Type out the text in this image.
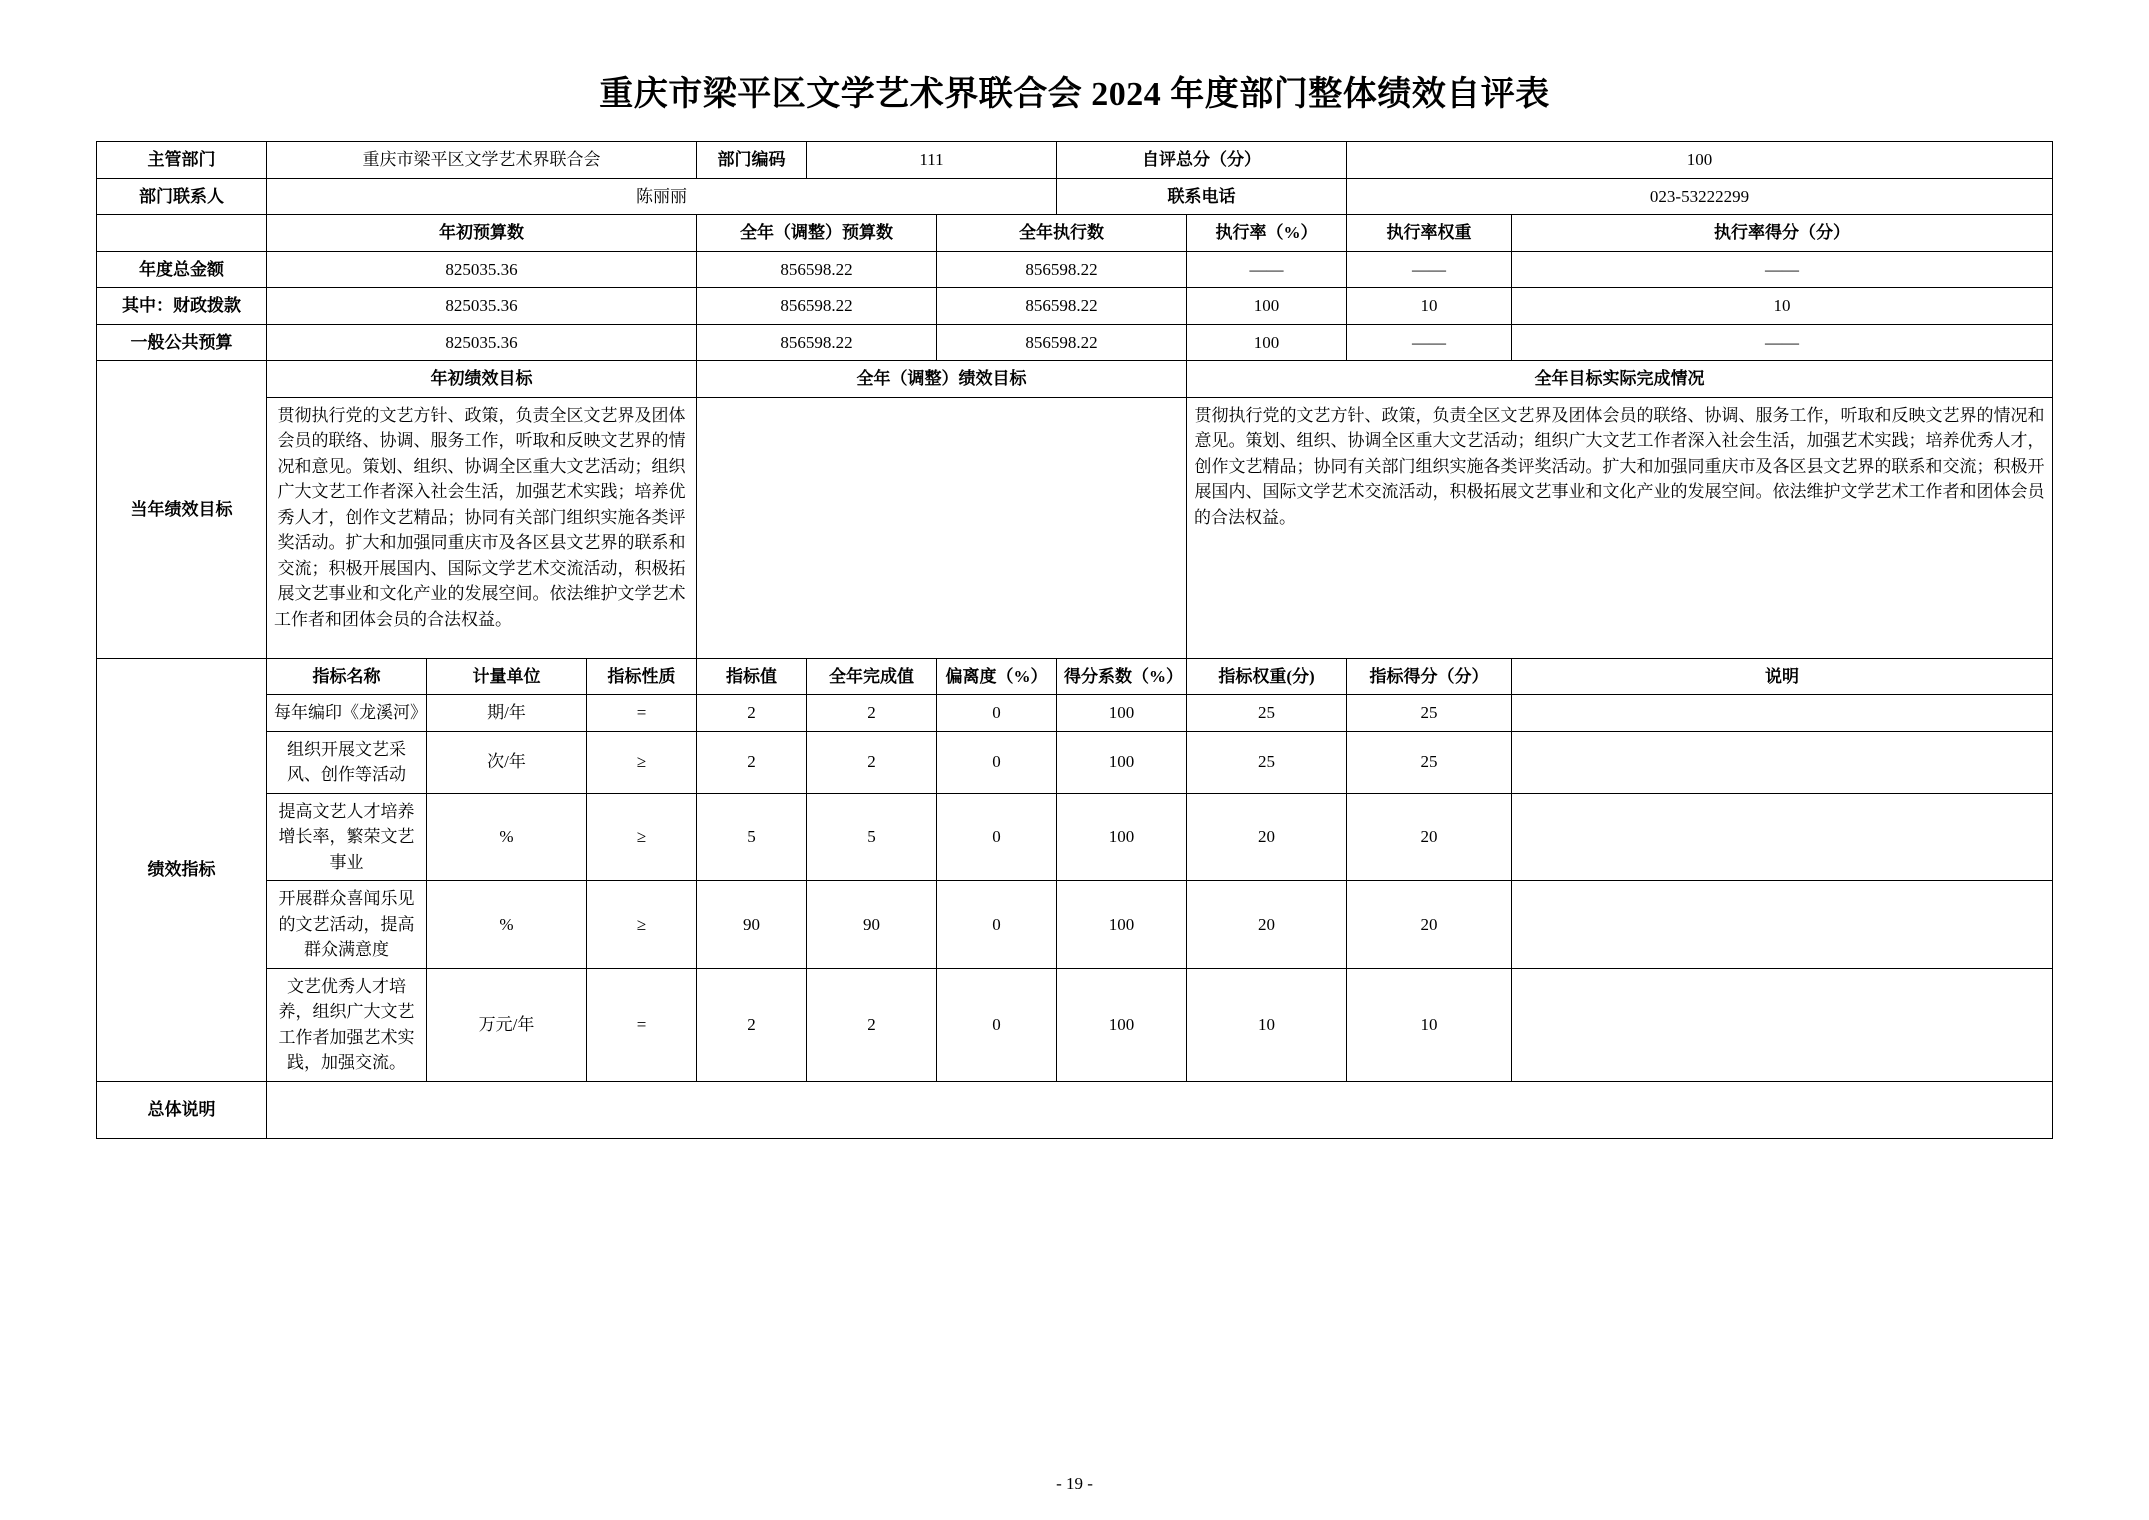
重庆市梁平区文学艺术界联合会 2024 年度部门整体绩效自评表
主管部门	重庆市梁平区文学艺术界联合会			部门编码	111		自评总分（分）		100	
部门联系人	陈丽丽						联系电话		023-53222299	
	年初预算数			全年（调整）预算数		全年执行数		执行率（%）	执行率权重	执行率得分（分）
年度总金额	825035.36			856598.22		856598.22		——	——	——
其中：财政拨款	825035.36			856598.22		856598.22		100	10	10
一般公共预算	825035.36			856598.22		856598.22		100	——	——
当年绩效目标	年初绩效目标			全年（调整）绩效目标				全年目标实际完成情况		
贯彻执行党的文艺方针、政策，负责全区文艺界及团体会员的联络、协调、服务工作，听取和反映文艺界的情况和意见。策划、组织、协调全区重大文艺活动；组织广大文艺工作者深入社会生活，加强艺术实践；培养优秀人才，创作文艺精品；协同有关部门组织实施各类评奖活动。扩大和加强同重庆市及各区县文艺界的联系和交流；积极开展国内、国际文学艺术交流活动，积极拓展文艺事业和文化产业的发展空间。依法维护文学艺术工作者和团体会员的合法权益。		贯彻执行党的文艺方针、政策，负责全区文艺界及团体会员的联络、协调、服务工作，听取和反映文艺界的情况和意见。策划、组织、协调全区重大文艺活动；组织广大文艺工作者深入社会生活，加强艺术实践；培养优秀人才，创作文艺精品；协同有关部门组织实施各类评奖活动。扩大和加强同重庆市及各区县文艺界的联系和交流；积极开展国内、国际文学艺术交流活动，积极拓展文艺事业和文化产业的发展空间。依法维护文学艺术工作者和团体会员的合法权益。
绩效指标	指标名称	计量单位	指标性质	指标值	全年完成值	偏离度（%）	得分系数（%）	指标权重(分)	指标得分（分）	说明
	每年编印《龙溪河》	期/年	=	2	2	0	100	25	25	
	组织开展文艺采风、创作等活动	次/年	≥	2	2	0	100	25	25	
	提高文艺人才培养增长率，繁荣文艺事业	%	≥	5	5	0	100	20	20	
	开展群众喜闻乐见的文艺活动，提高群众满意度	%	≥	90	90	0	100	20	20	
	文艺优秀人才培养，组织广大文艺工作者加强艺术实践，加强交流。	万元/年	=	2	2	0	100	10	10	
总体说明										
- 19 -
